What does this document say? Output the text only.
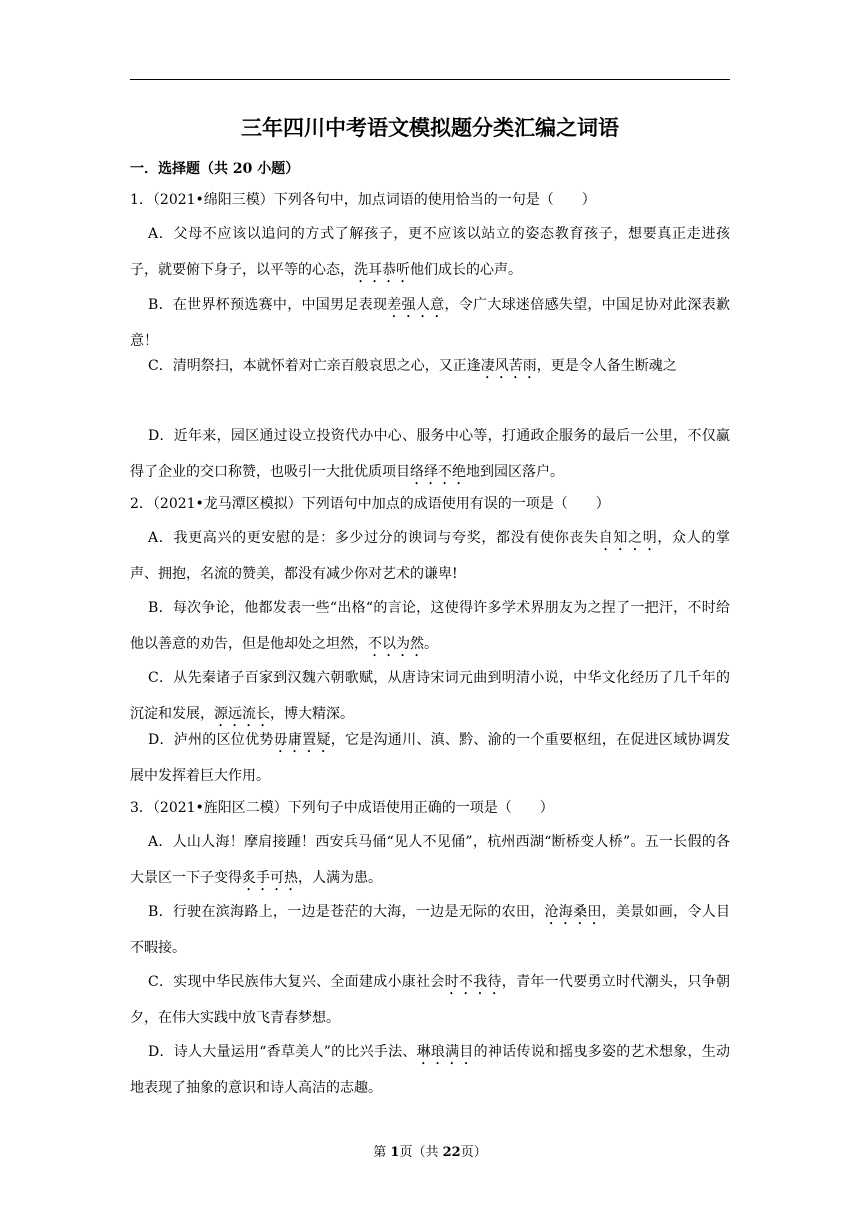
三年四川中考语文模拟题分类汇编之词语
一．选择题（共 20 小题）
1．（2021•绵阳三模）下列各句中，加点词语的使用恰当的一句是（　　）
A．父母不应该以追问的方式了解孩子，更不应该以站立的姿态教育孩子，想要真正走进孩子，就要俯下身子，以平等的心态，洗耳恭听他们成长的心声。
B．在世界杯预选赛中，中国男足表现差强人意，令广大球迷倍感失望，中国足协对此深表歉意！
C．清明祭扫，本就怀着对亡亲百般哀思之心，又正逢凄风苦雨，更是令人备生断魂之
D．近年来，园区通过设立投资代办中心、服务中心等，打通政企服务的最后一公里，不仅赢得了企业的交口称赞，也吸引一大批优质项目络绎不绝地到园区落户。
2．（2021•龙马潭区模拟）下列语句中加点的成语使用有误的一项是（　　）
A．我更高兴的更安慰的是：多少过分的谀词与夸奖，都没有使你丧失自知之明，众人的掌声、拥抱，名流的赞美，都没有减少你对艺术的谦卑!
B．每次争论，他都发表一些“出格“的言论，这使得许多学术界朋友为之捏了一把汗，不时给他以善意的劝告，但是他却处之坦然，不以为然。
C．从先秦诸子百家到汉魏六朝歌赋，从唐诗宋词元曲到明清小说，中华文化经历了几千年的沉淀和发展，源远流长，博大精深。
D．泸州的区位优势毋庸置疑，它是沟通川、滇、黔、渝的一个重要枢纽，在促进区域协调发展中发挥着巨大作用。
3．（2021•旌阳区二模）下列句子中成语使用正确的一项是（　　）
A．人山人海！摩肩接踵！西安兵马俑“见人不见俑”，杭州西湖“断桥变人桥”。五一长假的各大景区一下子变得炙手可热，人满为患。
B．行驶在滨海路上，一边是苍茫的大海，一边是无际的农田，沧海桑田，美景如画，令人目不暇接。
C．实现中华民族伟大复兴、全面建成小康社会时不我待，青年一代要勇立时代潮头，只争朝夕，在伟大实践中放飞青春梦想。
D．诗人大量运用“香草美人”的比兴手法、琳琅满目的神话传说和摇曳多姿的艺术想象，生动地表现了抽象的意识和诗人高洁的志趣。
第 1页（共 22页）
